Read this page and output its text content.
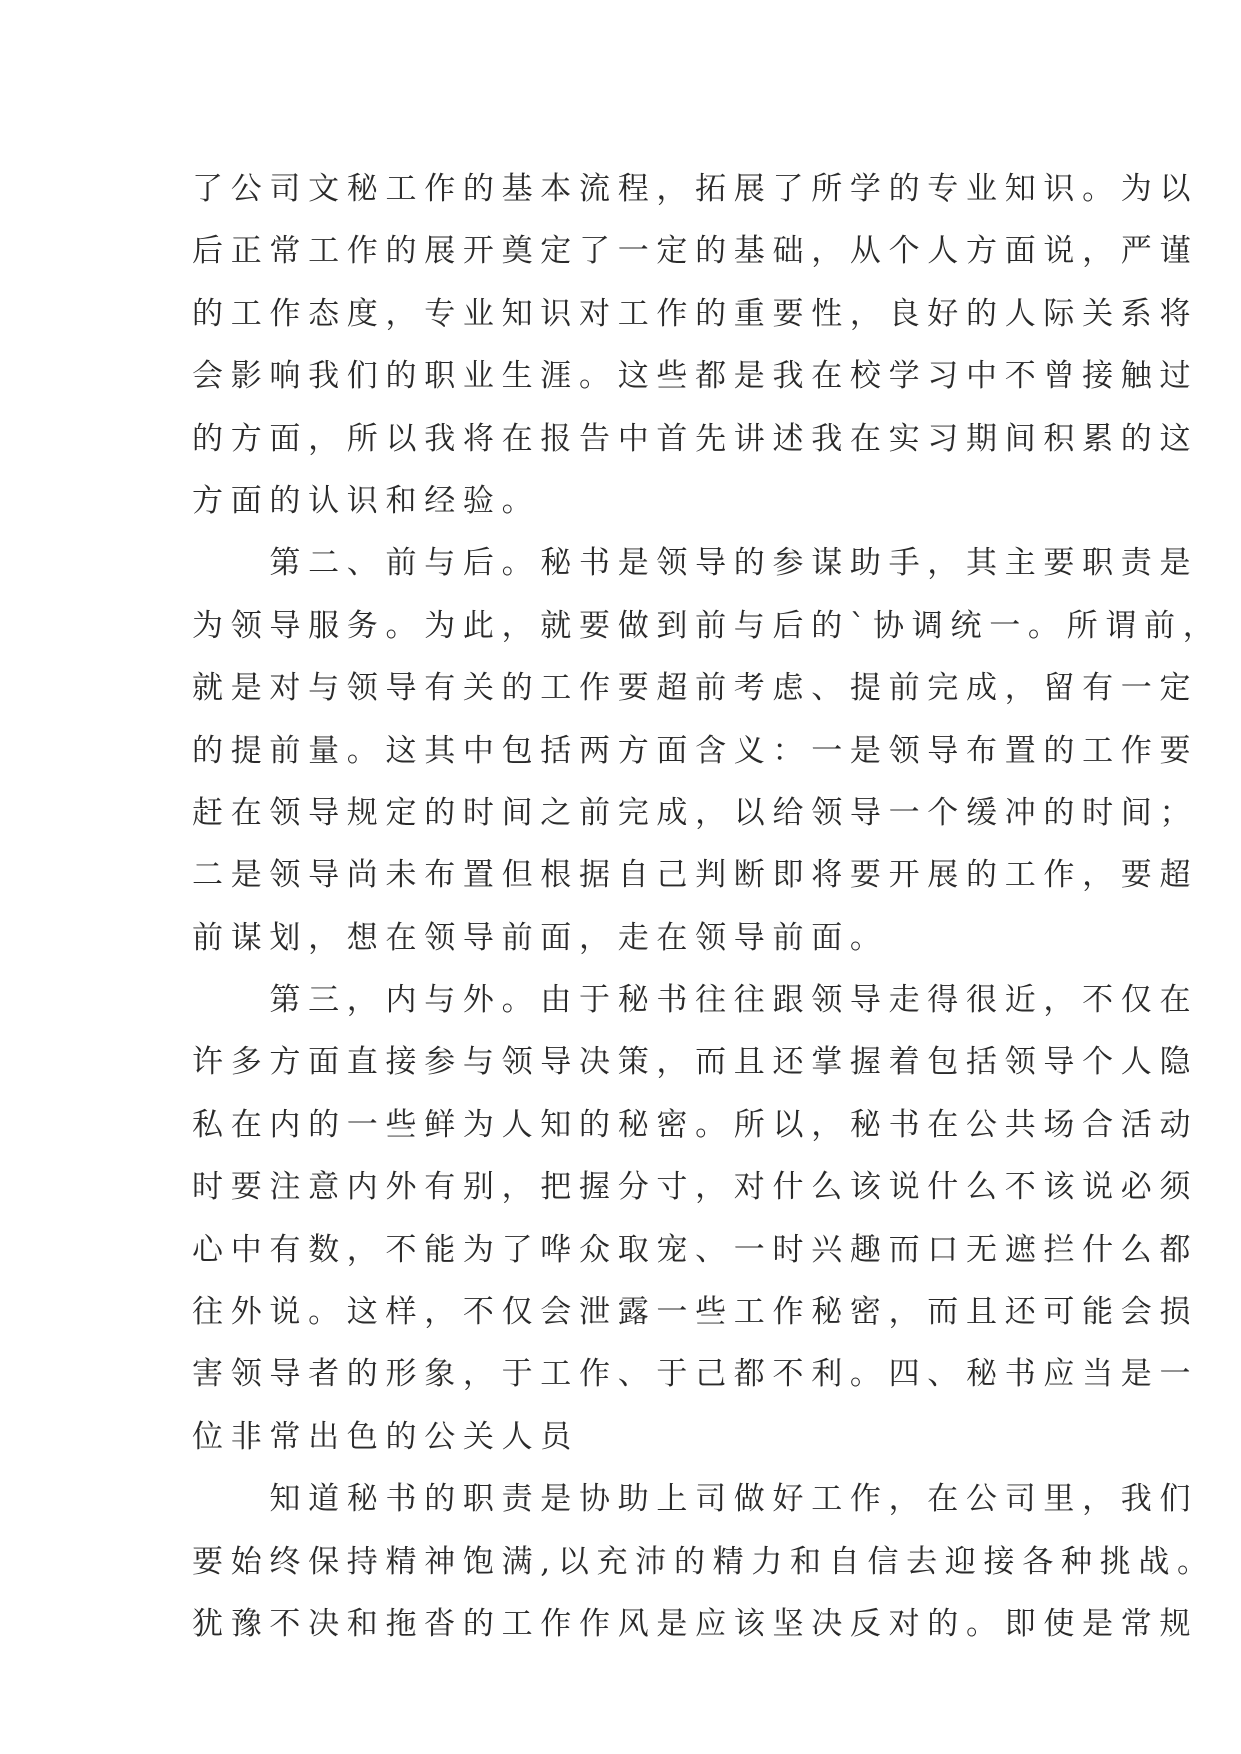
了公司文秘工作的基本流程，拓展了所学的专业知识。为以
后正常工作的展开奠定了一定的基础，从个人方面说，严谨
的工作态度，专业知识对工作的重要性，良好的人际关系将
会影响我们的职业生涯。这些都是我在校学习中不曾接触过
的方面，所以我将在报告中首先讲述我在实习期间积累的这
方面的认识和经验。
　　第二、前与后。秘书是领导的参谋助手，其主要职责是
为领导服务。为此，就要做到前与后的`协调统一。所谓前，
就是对与领导有关的工作要超前考虑、提前完成，留有一定
的提前量。这其中包括两方面含义：一是领导布置的工作要
赶在领导规定的时间之前完成，以给领导一个缓冲的时间；
二是领导尚未布置但根据自己判断即将要开展的工作，要超
前谋划，想在领导前面，走在领导前面。
　　第三，内与外。由于秘书往往跟领导走得很近，不仅在
许多方面直接参与领导决策，而且还掌握着包括领导个人隐
私在内的一些鲜为人知的秘密。所以，秘书在公共场合活动
时要注意内外有别，把握分寸，对什么该说什么不该说必须
心中有数，不能为了哗众取宠、一时兴趣而口无遮拦什么都
往外说。这样，不仅会泄露一些工作秘密，而且还可能会损
害领导者的形象，于工作、于己都不利。四、秘书应当是一
位非常出色的公关人员
　　知道秘书的职责是协助上司做好工作，在公司里，我们
要始终保持精神饱满,以充沛的精力和自信去迎接各种挑战。
犹豫不决和拖沓的工作作风是应该坚决反对的。即使是常规
